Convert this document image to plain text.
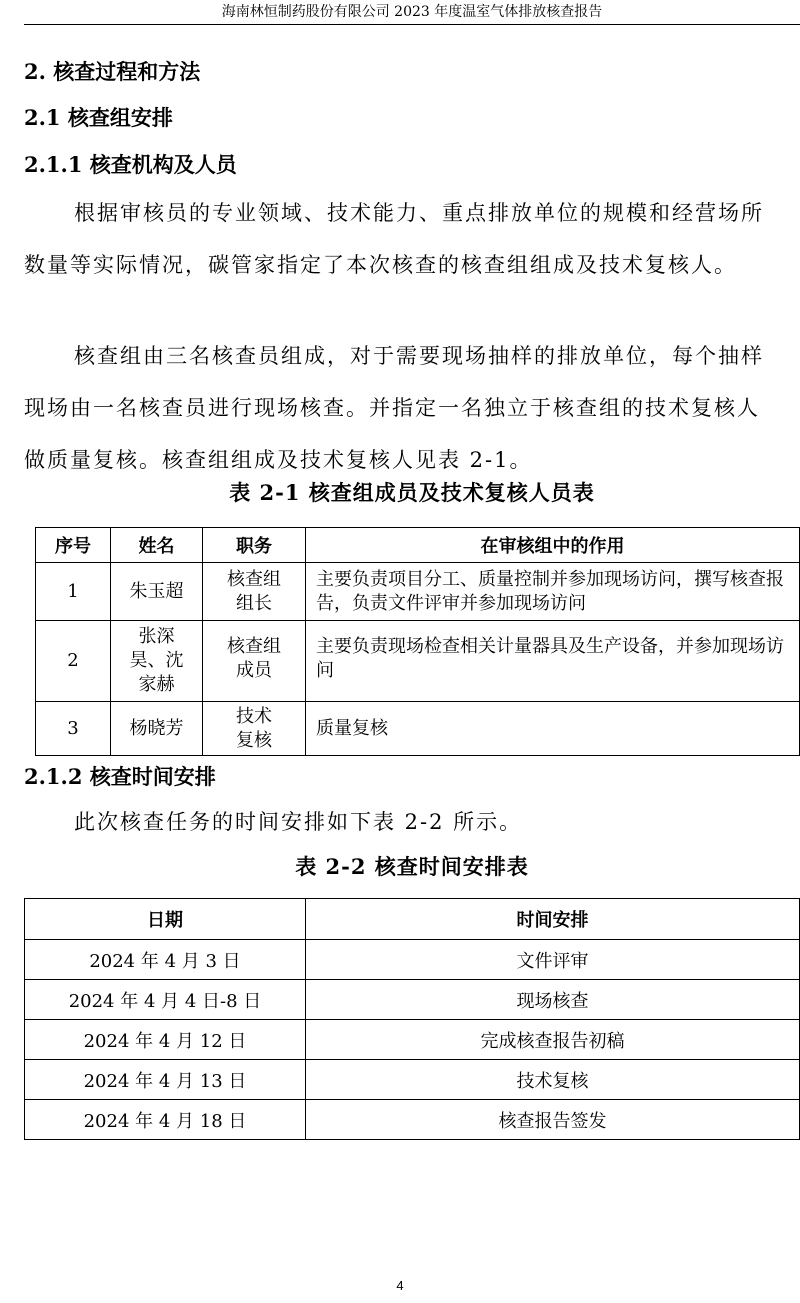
海南林恒制药股份有限公司 2023 年度温室气体排放核查报告
2. 核查过程和方法
2.1 核查组安排
2.1.1 核查机构及人员

根据审核员的专业领域、技术能力、重点排放单位的规模和经营场所数量等实际情况，碳管家指定了本次核查的核查组组成及技术复核人。

核查组由三名核查员组成，对于需要现场抽样的排放单位，每个抽样现场由一名核查员进行现场核查。并指定一名独立于核查组的技术复核人做质量复核。核查组组成及技术复核人见表 2-1。

表 2-1 核查组成员及技术复核人员表
序号	姓名	职务	在审核组中的作用
1	朱玉超	核查组组长	主要负责项目分工、质量控制并参加现场访问，撰写核查报告，负责文件评审并参加现场访问
2	张深昊、沈家赫	核查组成员	主要负责现场检查相关计量器具及生产设备，并参加现场访问
3	杨晓芳	技术复核	质量复核
2.1.2 核查时间安排

此次核查任务的时间安排如下表 2-2 所示。

表 2-2 核查时间安排表
日期	时间安排
2024 年 4 月 3 日	文件评审
2024 年 4 月 4 日-8 日	现场核查
2024 年 4 月 12 日	完成核查报告初稿
2024 年 4 月 13 日	技术复核
2024 年 4 月 18 日	核查报告签发
4
